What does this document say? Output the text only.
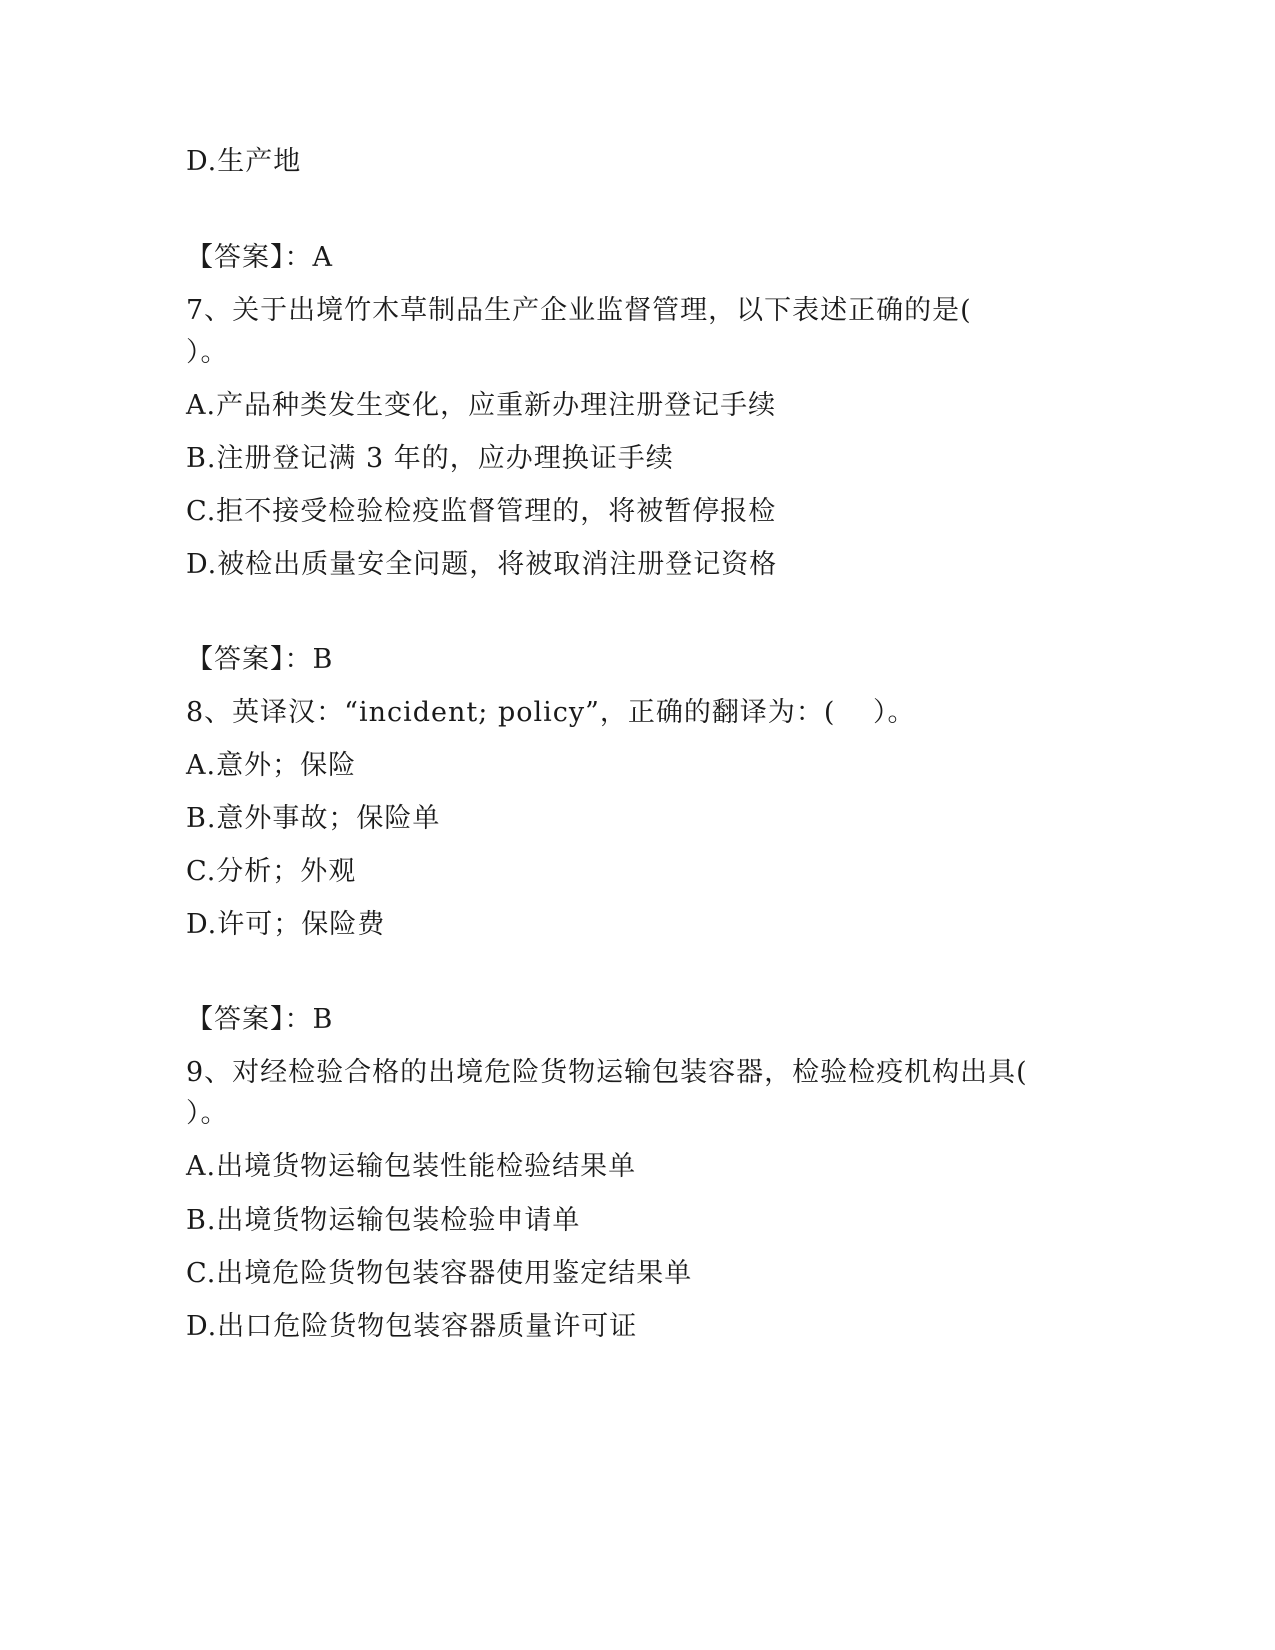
D.生产地
【答案】：A
7、关于出境竹木草制品生产企业监督管理，以下表述正确的是(
）。
A.产品种类发生变化，应重新办理注册登记手续
B.注册登记满 3 年的，应办理换证手续
C.拒不接受检验检疫监督管理的，将被暂停报检
D.被检出质量安全问题，将被取消注册登记资格
【答案】：B
8、英译汉：“incident; policy”，正确的翻译为：(　 ）。
A.意外；保险
B.意外事故；保险单
C.分析；外观
D.许可；保险费
【答案】：B
9、对经检验合格的出境危险货物运输包装容器，检验检疫机构出具(
）。
A.出境货物运输包装性能检验结果单
B.出境货物运输包装检验申请单
C.出境危险货物包装容器使用鉴定结果单
D.出口危险货物包装容器质量许可证
